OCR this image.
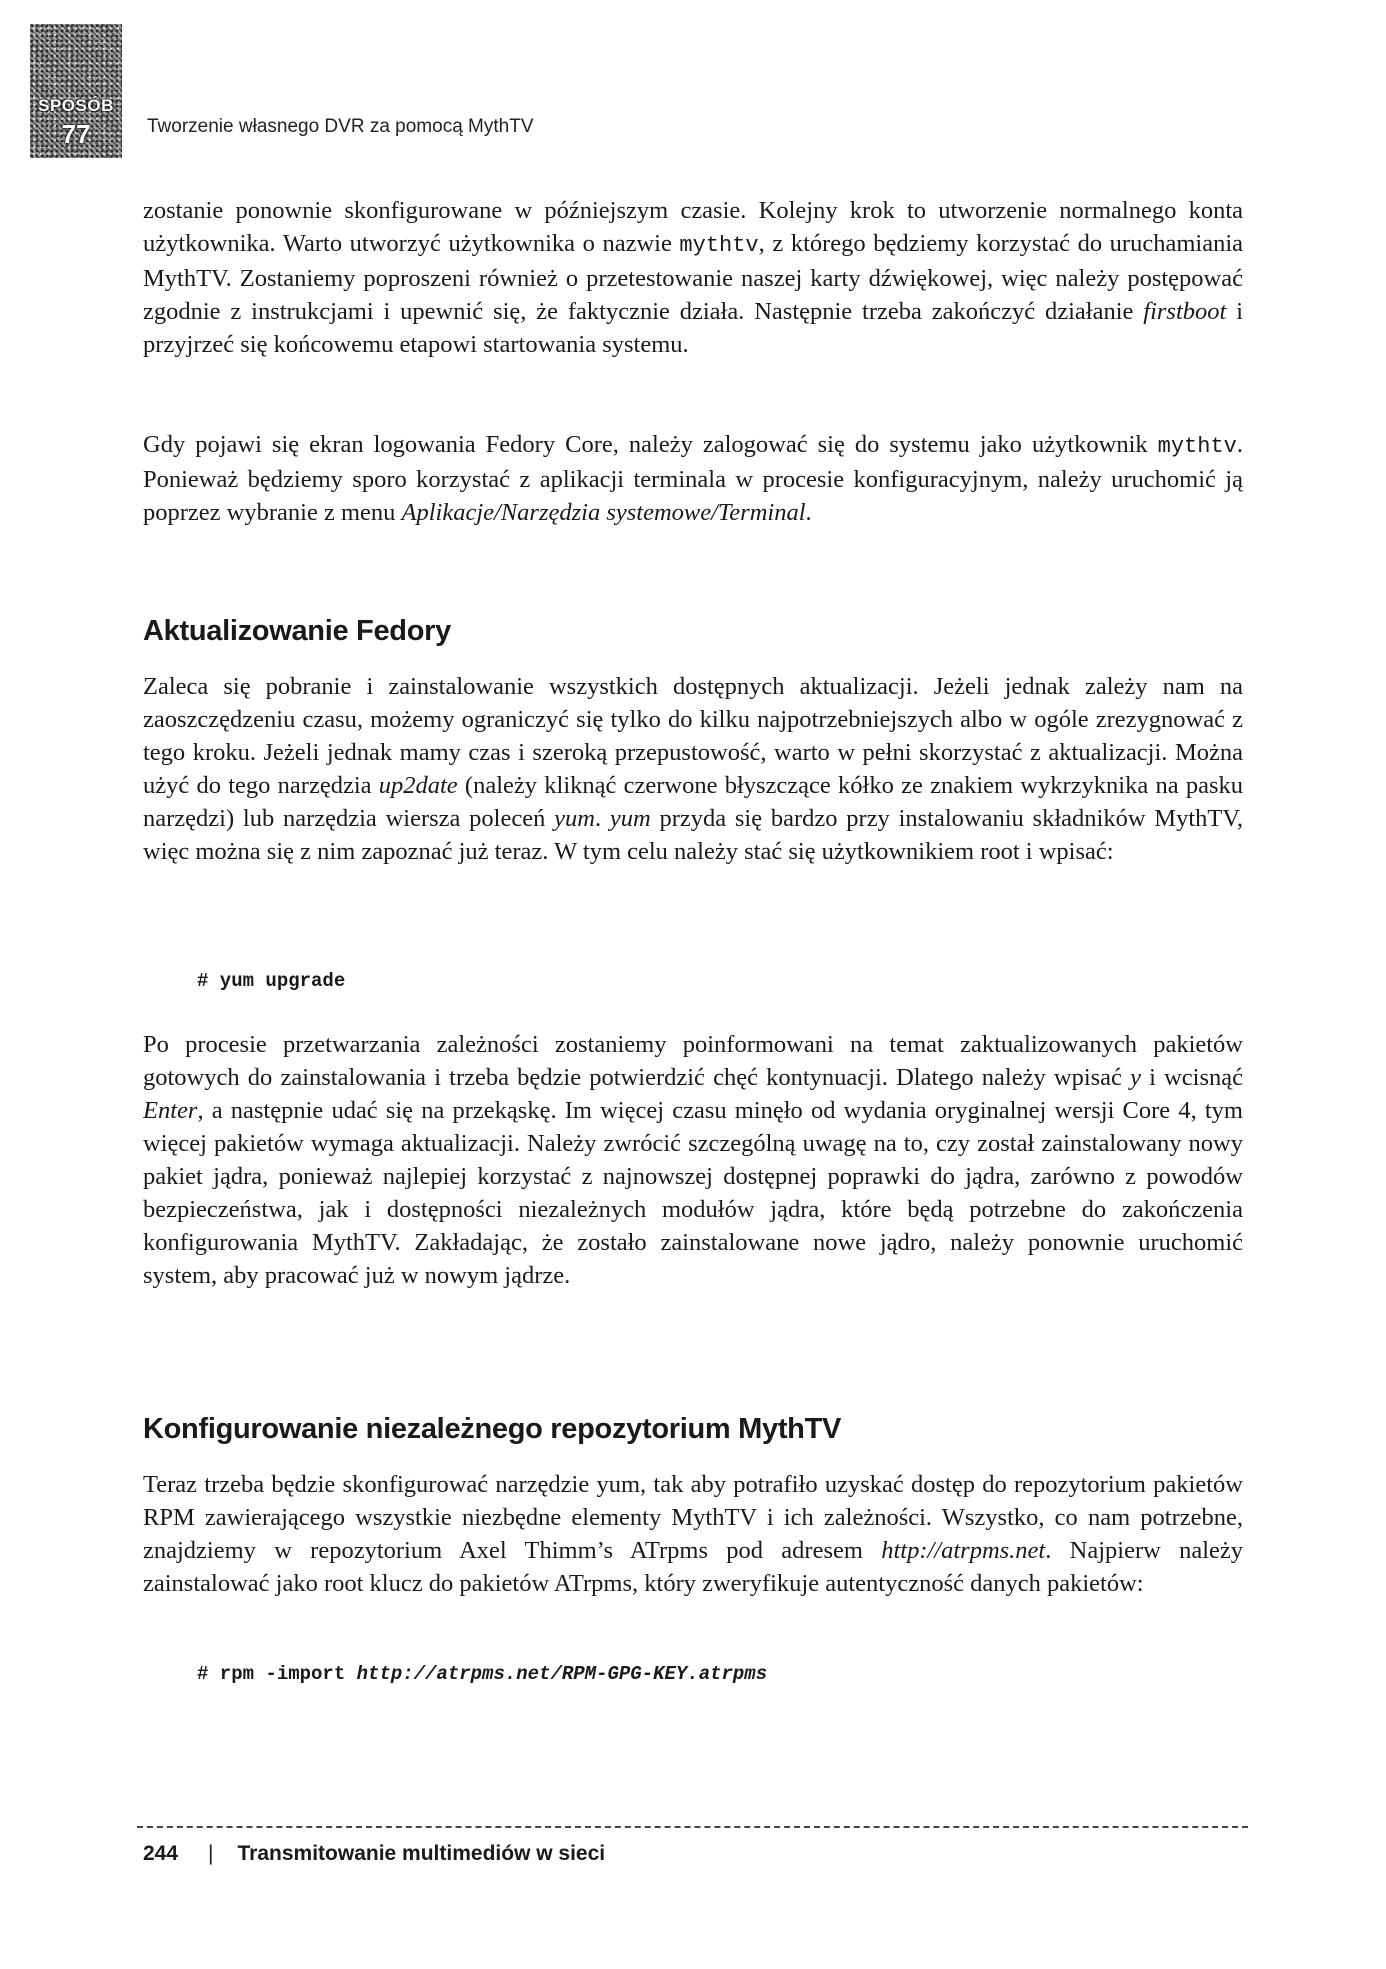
SPOSÓB
77	Tworzenie własnego DVR za pomocą MythTV

zostanie ponownie skonfigurowane w późniejszym czasie. Kolejny krok to utworzenie normalnego konta użytkownika. Warto utworzyć użytkownika o nazwie mythtv, z którego będziemy korzystać do uruchamiania MythTV. Zostaniemy poproszeni również o przetestowanie naszej karty dźwiękowej, więc należy postępować zgodnie z instrukcjami i upewnić się, że faktycznie działa. Następnie trzeba zakończyć działanie firstboot i przyjrzeć się końcowemu etapowi startowania systemu.

Gdy pojawi się ekran logowania Fedory Core, należy zalogować się do systemu jako użytkownik mythtv. Ponieważ będziemy sporo korzystać z aplikacji terminala w procesie konfiguracyjnym, należy uruchomić ją poprzez wybranie z menu Aplikacje/Narzędzia systemowe/Terminal.

Aktualizowanie Fedory

Zaleca się pobranie i zainstalowanie wszystkich dostępnych aktualizacji. Jeżeli jednak zależy nam na zaoszczędzeniu czasu, możemy ograniczyć się tylko do kilku najpotrzebniejszych albo w ogóle zrezygnować z tego kroku. Jeżeli jednak mamy czas i szeroką przepustowość, warto w pełni skorzystać z aktualizacji. Można użyć do tego narzędzia up2date (należy kliknąć czerwone błyszczące kółko ze znakiem wykrzyknika na pasku narzędzi) lub narzędzia wiersza poleceń yum. yum przyda się bardzo przy instalowaniu składników MythTV, więc można się z nim zapoznać już teraz. W tym celu należy stać się użytkownikiem root i wpisać:

# yum upgrade

Po procesie przetwarzania zależności zostaniemy poinformowani na temat zaktualizowanych pakietów gotowych do zainstalowania i trzeba będzie potwierdzić chęć kontynuacji. Dlatego należy wpisać y i wcisnąć Enter, a następnie udać się na przekąskę. Im więcej czasu minęło od wydania oryginalnej wersji Core 4, tym więcej pakietów wymaga aktualizacji. Należy zwrócić szczególną uwagę na to, czy został zainstalowany nowy pakiet jądra, ponieważ najlepiej korzystać z najnowszej dostępnej poprawki do jądra, zarówno z powodów bezpieczeństwa, jak i dostępności niezależnych modułów jądra, które będą potrzebne do zakończenia konfigurowania MythTV. Zakładając, że zostało zainstalowane nowe jądro, należy ponownie uruchomić system, aby pracować już w nowym jądrze.

Konfigurowanie niezależnego repozytorium MythTV

Teraz trzeba będzie skonfigurować narzędzie yum, tak aby potrafiło uzyskać dostęp do repozytorium pakietów RPM zawierającego wszystkie niezbędne elementy MythTV i ich zależności. Wszystko, co nam potrzebne, znajdziemy w repozytorium Axel Thimm’s ATrpms pod adresem http://atrpms.net. Najpierw należy zainstalować jako root klucz do pakietów ATrpms, który zweryfikuje autentyczność danych pakietów:

# rpm -import http://atrpms.net/RPM-GPG-KEY.atrpms
244 | Transmitowanie multimediów w sieci
